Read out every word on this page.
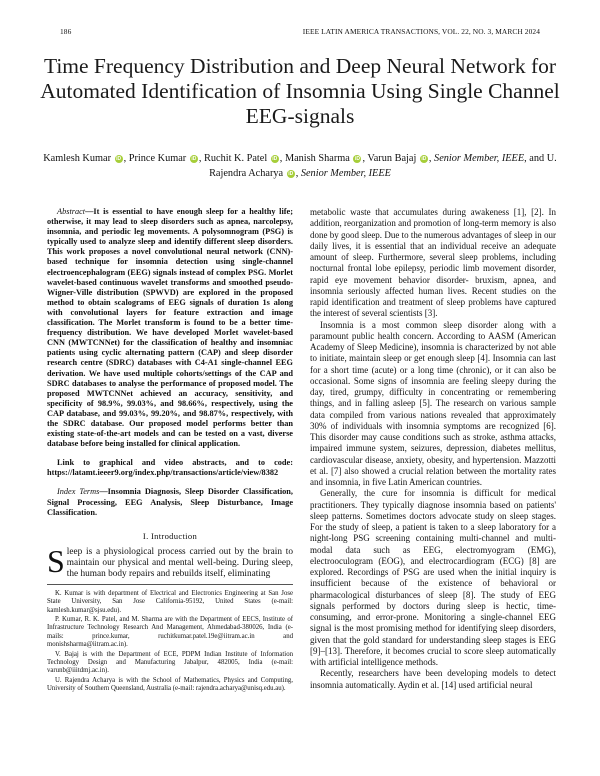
186	IEEE LATIN AMERICA TRANSACTIONS, VOL. 22, NO. 3, MARCH 2024
Time Frequency Distribution and Deep Neural Network for Automated Identification of Insomnia Using Single Channel EEG-signals
Kamlesh Kumar iD , Prince Kumar iD , Ruchit K. Patel iD , Manish Sharma iD , Varun Bajaj iD , Senior Member, IEEE, and U. Rajendra Acharya iD , Senior Member, IEEE

Abstract—It is essential to have enough sleep for a healthy life; otherwise, it may lead to sleep disorders such as apnea, narcolepsy, insomnia, and periodic leg movements. A polysomnogram (PSG) is typically used to analyze sleep and identify different sleep disorders. This work proposes a novel convolutional neural network (CNN)-based technique for insomnia detection using single-channel electroencephalogram (EEG) signals instead of complex PSG. Morlet wavelet-based continuous wavelet transforms and smoothed pseudo-Wigner-Ville distribution (SPWVD) are explored in the proposed method to obtain scalograms of EEG signals of duration 1s along with convolutional layers for feature extraction and image classification. The Morlet transform is found to be a better time-frequency distribution. We have developed Morlet wavelet-based CNN (MWTCNNet) for the classification of healthy and insomniac patients using cyclic alternating pattern (CAP) and sleep disorder research centre (SDRC) databases with C4-A1 single-channel EEG derivation. We have used multiple cohorts/settings of the CAP and SDRC databases to analyse the performance of proposed model. The proposed MWTCNNet achieved an accuracy, sensitivity, and specificity of 98.9%, 99.03%, and 98.66%, respectively, using the CAP database, and 99.03%, 99.20%, and 98.87%, respectively, with the SDRC database. Our proposed model performs better than existing state-of-the-art models and can be tested on a vast, diverse database before being installed for clinical application.

Link to graphical and video abstracts, and to code: https://latamt.ieeer9.org/index.php/transactions/article/view/8382

Index Terms—Insomnia Diagnosis, Sleep Disorder Classification, Signal Processing, EEG Analysis, Sleep Disturbance, Image Classification.

I. Introduction

Sleep is a physiological process carried out by the brain to maintain our physical and mental well-being. During sleep, the human body repairs and rebuilds itself, eliminating

K. Kumar is with department of Electrical and Electronics Engineering at San Jose State University, San Jose California-95192, United States (e-mail: kamlesh.kumar@sjsu.edu).

P. Kumar, R. K. Patel, and M. Sharma are with the Department of EECS, Institute of Infrastructure Technology Research And Management, Ahmedabad-380026, India (e-mails: prince.kumar, ruchitkumar.patel.19e@iitram.ac.in and monishsharma@iitram.ac.in).

V. Bajaj is with the Department of ECE, PDPM Indian Institute of Information Technology Design and Manufacturing Jabalpur, 482005, India (e-mail: varunb@iiitdmj.ac.in).

U. Rajendra Acharya is with the School of Mathematics, Physics and Computing, University of Southern Queensland, Australia (e-mail: rajendra.acharya@unisq.edu.au).

metabolic waste that accumulates during awakeness [1], [2]. In addition, reorganization and promotion of long-term memory is also done by good sleep. Due to the numerous advantages of sleep in our daily lives, it is essential that an individual receive an adequate amount of sleep. Furthermore, several sleep problems, including nocturnal frontal lobe epilepsy, periodic limb movement disorder, rapid eye movement behavior disorder- bruxism, apnea, and insomnia seriously affected human lives. Recent studies on the rapid identification and treatment of sleep problems have captured the interest of several scientists [3].

Insomnia is a most common sleep disorder along with a paramount public health concern. According to AASM (American Academy of Sleep Medicine), insomnia is characterized by not able to initiate, maintain sleep or get enough sleep [4]. Insomnia can last for a short time (acute) or a long time (chronic), or it can also be occasional. Some signs of insomnia are feeling sleepy during the day, tired, grumpy, difficulty in concentrating or remembering things, and in falling asleep [5]. The research on various sample data compiled from various nations revealed that approximately 30% of individuals with insomnia symptoms are recognized [6]. This disorder may cause conditions such as stroke, asthma attacks, impaired immune system, seizures, depression, diabetes mellitus, cardiovascular disease, anxiety, obesity, and hypertension. Mazzotti et al. [7] also showed a crucial relation between the mortality rates and insomnia, in five Latin American countries.

Generally, the cure for insomnia is difficult for medical practitioners. They typically diagnose insomnia based on patients' sleep patterns. Sometimes doctors advocate study on sleep stages. For the study of sleep, a patient is taken to a sleep laboratory for a night-long PSG screening containing multi-channel and multi-modal data such as EEG, electromyogram (EMG), electrooculogram (EOG), and electrocardiogram (ECG) [8] are explored. Recordings of PSG are used when the initial inquiry is insufficient because of the existence of behavioral or pharmacological disturbances of sleep [8]. The study of EEG signals performed by doctors during sleep is hectic, time-consuming, and error-prone. Monitoring a single-channel EEG signal is the most promising method for identifying sleep disorders, given that the gold standard for understanding sleep stages is EEG [9]–[13]. Therefore, it becomes crucial to score sleep automatically with artificial intelligence methods.

Recently, researchers have been developing models to detect insomnia automatically. Aydin et al. [14] used artificial neural
